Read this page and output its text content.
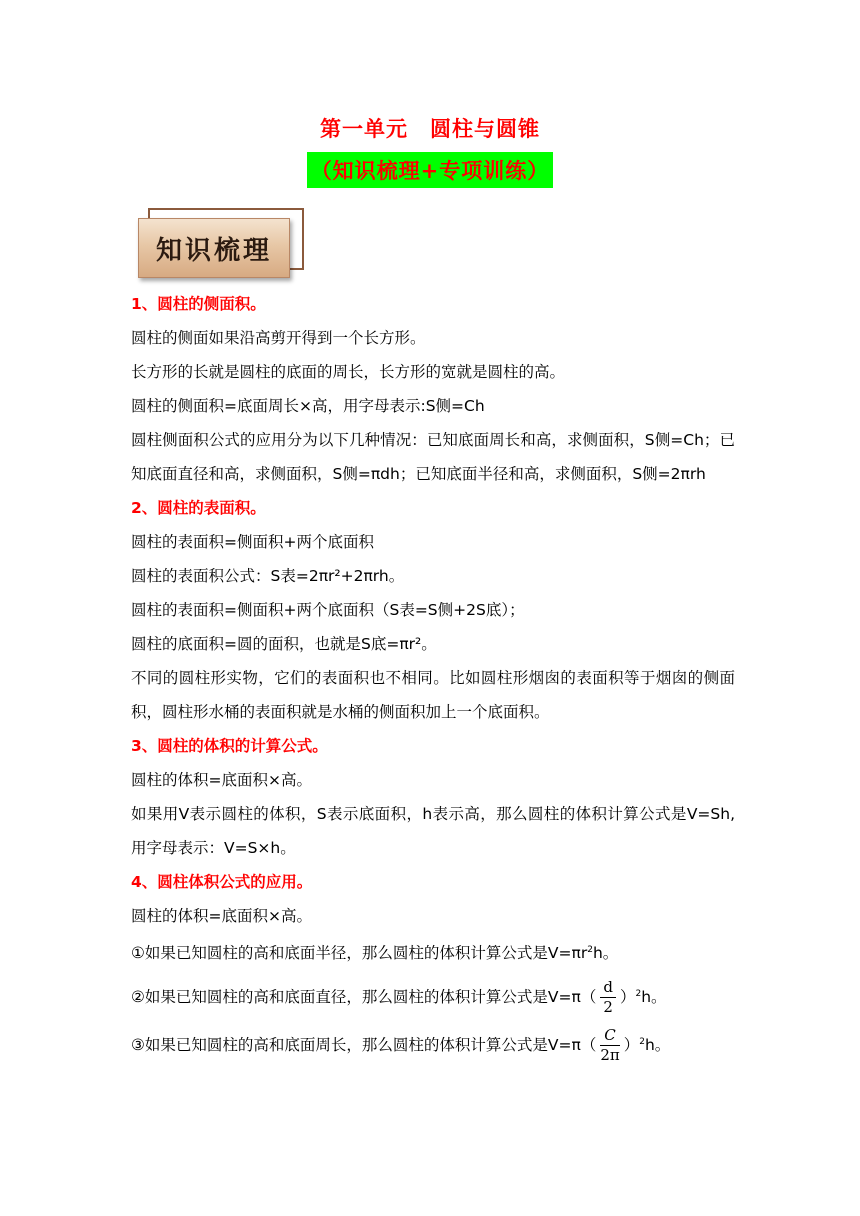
第一单元 圆柱与圆锥
（知识梳理+专项训练）
知识梳理
1、圆柱的侧面积。
圆柱的侧面如果沿高剪开得到一个长方形。
长方形的长就是圆柱的底面的周长，长方形的宽就是圆柱的高。
圆柱的侧面积=底面周长×高，用字母表示:S侧=Ch
圆柱侧面积公式的应用分为以下几种情况：已知底面周长和高，求侧面积，S侧=Ch；已知底面直径和高，求侧面积，S侧=πdh；已知底面半径和高，求侧面积，S侧=2πrh
2、圆柱的表面积。
圆柱的表面积=侧面积+两个底面积
圆柱的表面积公式：S表=2πr²+2πrh。
圆柱的表面积=侧面积+两个底面积（S表=S侧+2S底）；
圆柱的底面积=圆的面积，也就是S底=πr²。
不同的圆柱形实物，它们的表面积也不相同。比如圆柱形烟囱的表面积等于烟囱的侧面积，圆柱形水桶的表面积就是水桶的侧面积加上一个底面积。
3、圆柱的体积的计算公式。
圆柱的体积=底面积×高。
如果用V表示圆柱的体积，S表示底面积，h表示高，那么圆柱的体积计算公式是V=Sh,用字母表示：V=S×h。
4、圆柱体积公式的应用。
圆柱的体积=底面积×高。
①如果已知圆柱的高和底面半径，那么圆柱的体积计算公式是$V=\pi r^2h$。
②如果已知圆柱的高和底面直径，那么圆柱的体积计算公式是$V=\pi( \frac{d}{2} )^2h$。
③如果已知圆柱的高和底面周长，那么圆柱的体积计算公式是$V=\pi( \frac{C}{2\pi} )^2h$。
